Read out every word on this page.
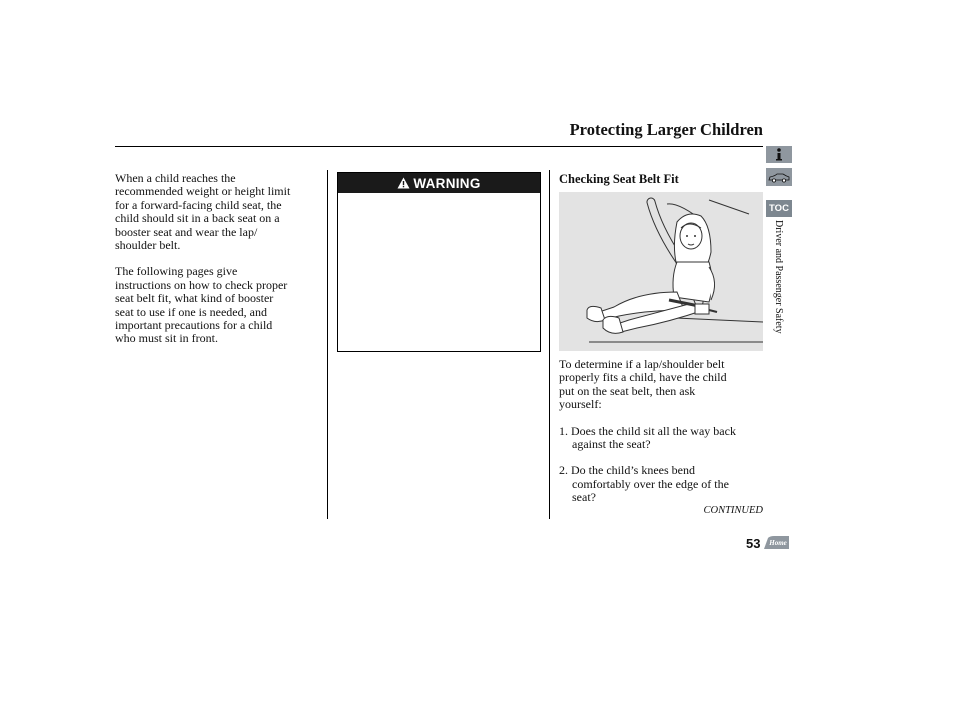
Protecting Larger Children
When a child reaches the
recommended weight or height limit
for a forward-facing child seat, the
child should sit in a back seat on a
booster seat and wear the lap/
shoulder belt.
The following pages give
instructions on how to check proper
seat belt fit, what kind of booster
seat to use if one is needed, and
important precautions for a child
who must sit in front.
WARNING	Checking Seat Belt Fit
To determine if a lap/shoulder belt
properly fits a child, have the child
put on the seat belt, then ask
yourself:
1. Does the child sit all the way back
against the seat?
2. Do the child’s knees bend
comfortably over the edge of the
seat?
CONTINUED
53 Home
TOC
Driver and Passenger Safety
